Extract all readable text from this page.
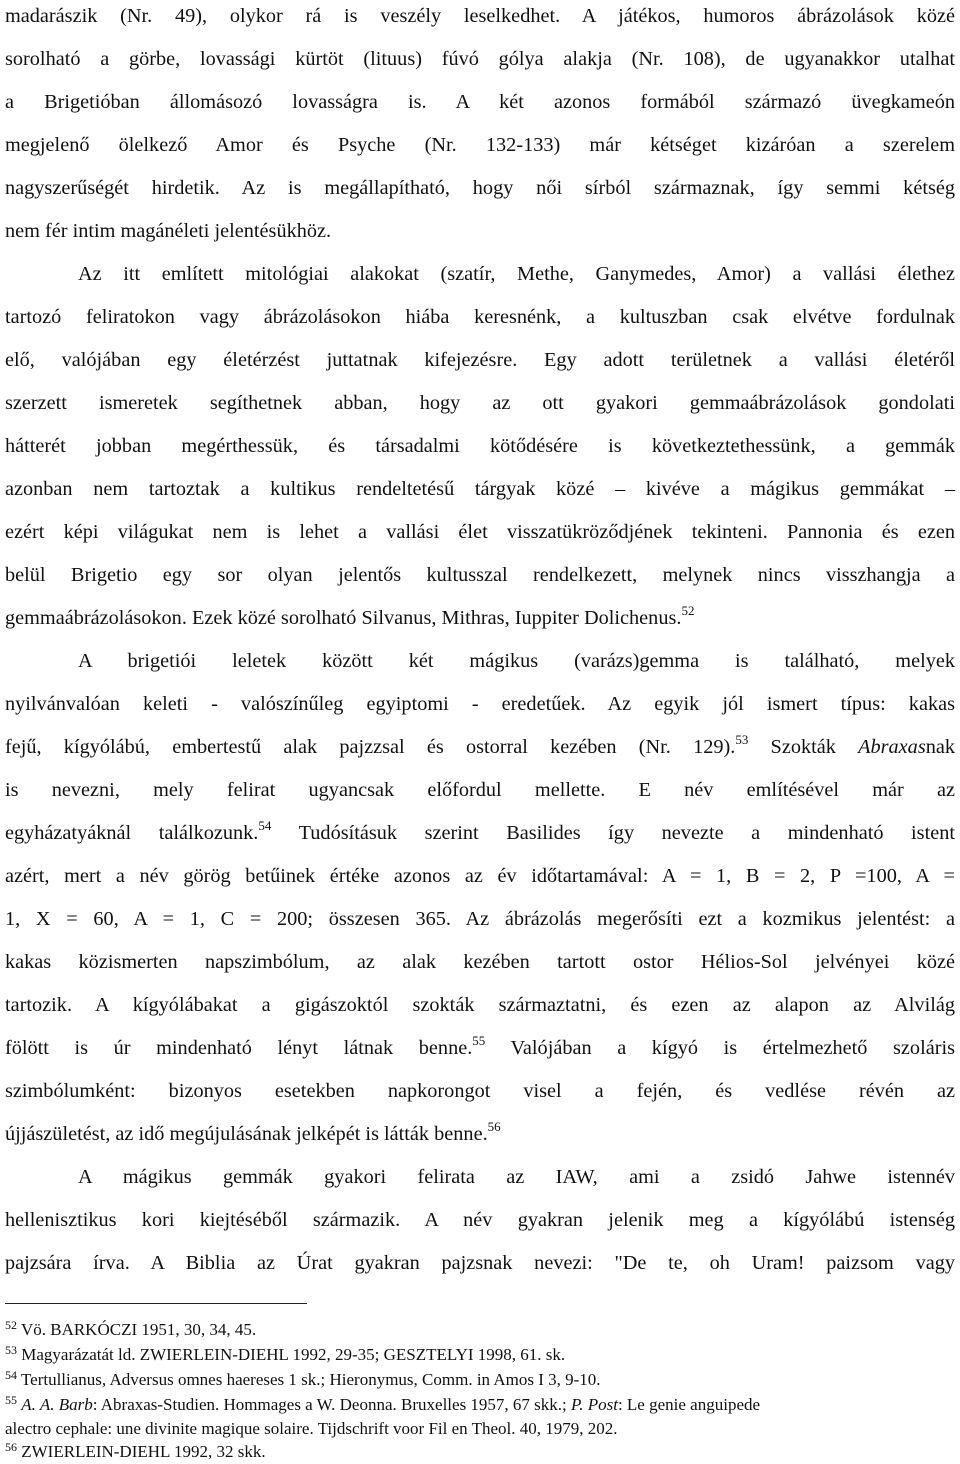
madarászik (Nr. 49), olykor rá is veszély leselkedhet. A játékos, humoros ábrázolások közé
sorolható a görbe, lovassági kürtöt (lituus) fúvó gólya alakja (Nr. 108), de ugyanakkor utalhat
a Brigetióban állomásozó lovasságra is. A két azonos formából származó üvegkameón
megjelenő ölelkező Amor és Psyche (Nr. 132-133) már kétséget kizáróan a szerelem
nagyszerűségét hirdetik. Az is megállapítható, hogy női sírból származnak, így semmi kétség
nem fér intim magánéleti jelentésükhöz.
Az itt említett mitológiai alakokat (szatír, Methe, Ganymedes, Amor) a vallási élethez
tartozó feliratokon vagy ábrázolásokon hiába keresnénk, a kultuszban csak elvétve fordulnak
elő, valójában egy életérzést juttatnak kifejezésre. Egy adott területnek a vallási életéről
szerzett ismeretek segíthetnek abban, hogy az ott gyakori gemmaábrázolások gondolati
hátterét jobban megérthessük, és társadalmi kötődésére is következtethessünk, a gemmák
azonban nem tartoztak a kultikus rendeltetésű tárgyak közé – kivéve a mágikus gemmákat –
ezért képi világukat nem is lehet a vallási élet visszatükröződjének tekinteni. Pannonia és ezen
belül Brigetio egy sor olyan jelentős kultusszal rendelkezett, melynek nincs visszhangja a
gemmaábrázolásokon. Ezek közé sorolható Silvanus, Mithras, Iuppiter Dolichenus.$^{52}$
A brigetiói leletek között két mágikus (varázs)gemma is található, melyek
nyilvánvalóan keleti - valószínűleg egyiptomi - eredetűek. Az egyik jól ismert típus: kakas
fejű, kígyólábú, embertestű alak pajzzsal és ostorral kezében (Nr. 129).$^{53}$ Szokták Abraxasnak
is nevezni, mely felirat ugyancsak előfordul mellette. E név említésével már az
egyházatyáknál találkozunk.$^{54}$ Tudósításuk szerint Basilides így nevezte a mindenható istent
azért, mert a név görög betűinek értéke azonos az év időtartamával: A = 1, B = 2, P =100, A =
1, X = 60, A = 1, C = 200; összesen 365. Az ábrázolás megerősíti ezt a kozmikus jelentést: a
kakas közismerten napszimbólum, az alak kezében tartott ostor Hélios-Sol jelvényei közé
tartozik. A kígyólábakat a gigászoktól szokták származtatni, és ezen az alapon az Alvilág
fölött is úr mindenható lényt látnak benne.$^{55}$ Valójában a kígyó is értelmezhető szoláris
szimbólumként: bizonyos esetekben napkorongot visel a fején, és vedlése révén az
újjászületést, az idő megújulásának jelképét is látták benne.$^{56}$
A mágikus gemmák gyakori felirata az IAW, ami a zsidó Jahwe istennév
hellenisztikus kori kiejtéséből származik. A név gyakran jelenik meg a kígyólábú istenség
pajzsára írva. A Biblia az Úrat gyakran pajzsnak nevezi: "De te, oh Uram! paizsom vagy
$^{52}$ Vö. BARKÓCZI 1951, 30, 34, 45.
$^{53}$ Magyarázatát ld. ZWIERLEIN-DIEHL 1992, 29-35; GESZTELYI 1998, 61. sk.
$^{54}$ Tertullianus, Adversus omnes haereses 1 sk.; Hieronymus, Comm. in Amos I 3, 9-10.
$^{55}$ A. A. Barb: Abraxas-Studien. Hommages a W. Deonna. Bruxelles 1957, 67 skk.; P. Post: Le genie anguipede
alectro cephale: une divinite magique solaire. Tijdschrift voor Fil en Theol. 40, 1979, 202.
$^{56}$ ZWIERLEIN-DIEHL 1992, 32 skk.
